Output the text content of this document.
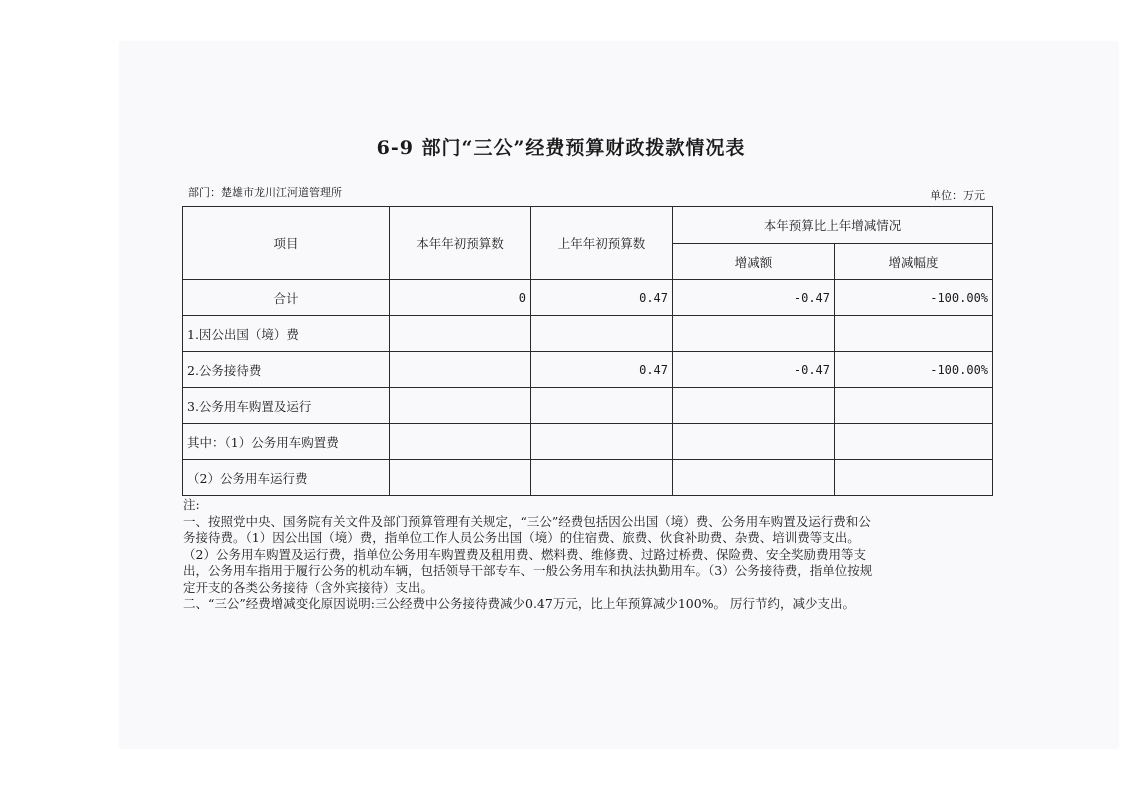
6-9 部门“三公”经费预算财政拨款情况表
部门：楚雄市龙川江河道管理所	单位：万元
项目	本年年初预算数	上年年初预算数	本年预算比上年增减情况	
			增减额	增减幅度
合计	0	0.47	-0.47	-100.00%
1.因公出国（境）费				
2.公务接待费		0.47	-0.47	-100.00%
3.公务用车购置及运行				
其中：（1）公务用车购置费				
（2）公务用车运行费				

注:

一、按照党中央、国务院有关文件及部门预算管理有关规定，“三公”经费包括因公出国（境）费、公务用车购置及运行费和公

务接待费。（1）因公出国（境）费，指单位工作人员公务出国（境）的住宿费、旅费、伙食补助费、杂费、培训费等支出。

（2）公务用车购置及运行费，指单位公务用车购置费及租用费、燃料费、维修费、过路过桥费、保险费、安全奖励费用等支

出，公务用车指用于履行公务的机动车辆，包括领导干部专车、一般公务用车和执法执勤用车。（3）公务接待费，指单位按规

定开支的各类公务接待（含外宾接待）支出。

二、“三公”经费增减变化原因说明:三公经费中公务接待费减少0.47万元，比上年预算减少100%。 厉行节约，减少支出。
